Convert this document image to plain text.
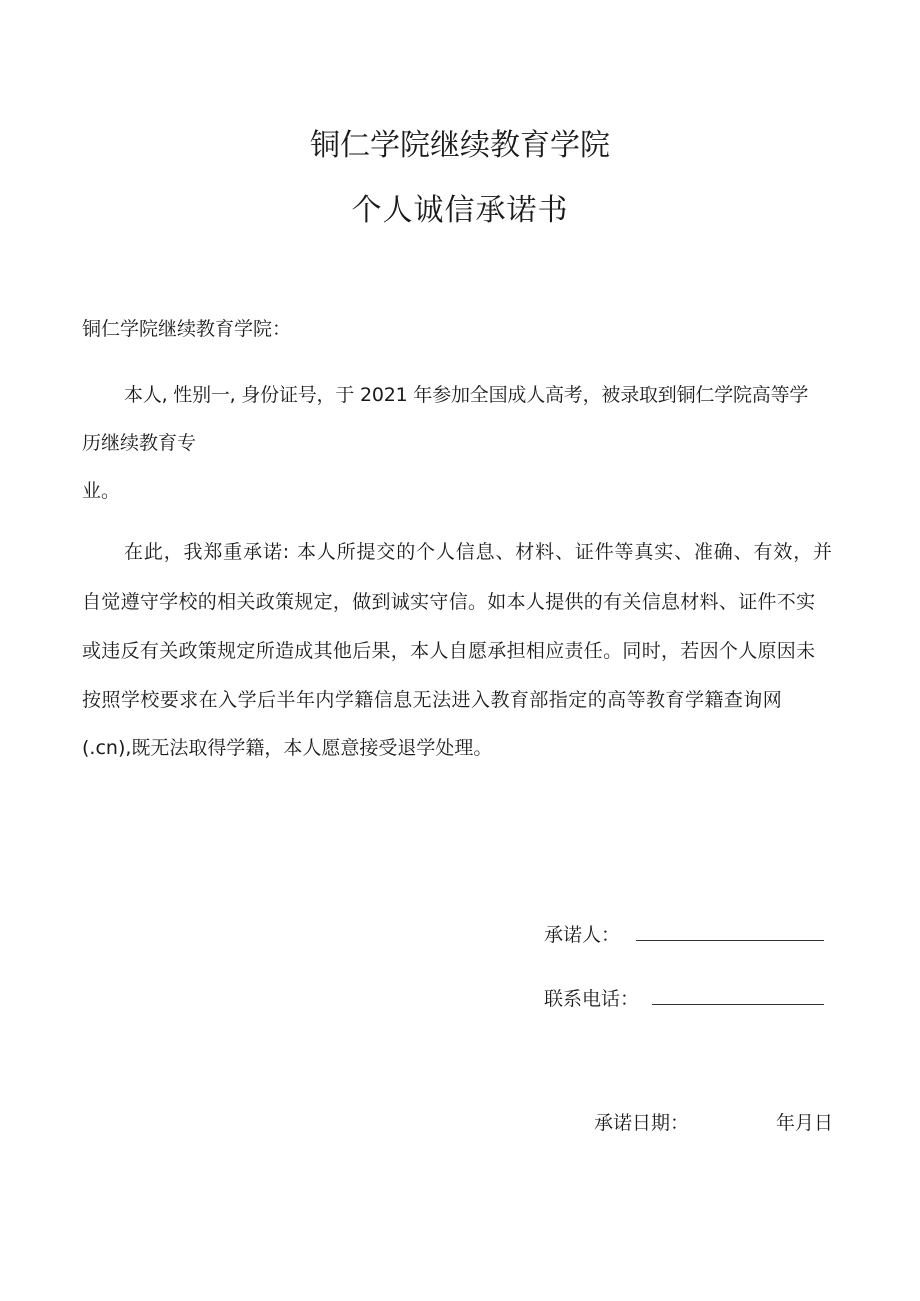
铜仁学院继续教育学院
个人诚信承诺书
铜仁学院继续教育学院：
本人, 性别一, 身份证号，于 2021 年参加全国成人高考，被录取到铜仁学院高等学
历继续教育专
业。
在此，我郑重承诺: 本人所提交的个人信息、材料、证件等真实、准确、有效，并
自觉遵守学校的相关政策规定，做到诚实守信。如本人提供的有关信息材料、证件不实
或违反有关政策规定所造成其他后果，本人自愿承担相应责任。同时，若因个人原因未
按照学校要求在入学后半年内学籍信息无法进入教育部指定的高等教育学籍查询网
(.cn),既无法取得学籍，本人愿意接受退学处理。
承诺人：
联系电话：
承诺日期：	年月日
